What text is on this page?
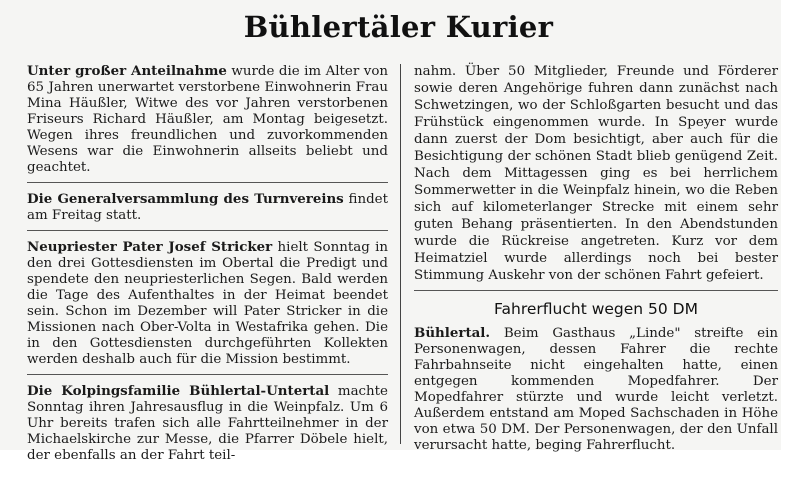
Bühlertäler Kurier

Unter großer Anteilnahme wurde die im Alter von 65 Jahren unerwartet verstorbene Einwohnerin Frau Mina Häußler, Witwe des vor Jahren verstorbenen Friseurs Richard Häußler, am Montag beigesetzt. Wegen ihres freundlichen und zuvorkommenden Wesens war die Einwohnerin allseits beliebt und geachtet.

Die Generalversammlung des Turnvereins findet am Freitag statt.

Neupriester Pater Josef Stricker hielt Sonntag in den drei Gottesdiensten im Obertal die Predigt und spendete den neupriesterlichen Segen. Bald werden die Tage des Aufenthaltes in der Heimat beendet sein. Schon im Dezember will Pater Stricker in die Missionen nach Ober-Volta in Westafrika gehen. Die in den Gottesdiensten durchgeführten Kollekten werden deshalb auch für die Mission bestimmt.

Die Kolpingsfamilie Bühlertal-Untertal machte Sonntag ihren Jahresausflug in die Weinpfalz. Um 6 Uhr bereits trafen sich alle Fahrtteilnehmer in der Michaelskirche zur Messe, die Pfarrer Döbele hielt, der ebenfalls an der Fahrt teil-

nahm. Über 50 Mitglieder, Freunde und Förderer sowie deren Angehörige fuhren dann zunächst nach Schwetzingen, wo der Schloßgarten besucht und das Frühstück eingenommen wurde. In Speyer wurde dann zuerst der Dom besichtigt, aber auch für die Besichtigung der schönen Stadt blieb genügend Zeit. Nach dem Mittagessen ging es bei herrlichem Sommerwetter in die Weinpfalz hinein, wo die Reben sich auf kilometerlanger Strecke mit einem sehr guten Behang präsentierten. In den Abendstunden wurde die Rückreise angetreten. Kurz vor dem Heimatziel wurde allerdings noch bei bester Stimmung Auskehr von der schönen Fahrt gefeiert.

Fahrerflucht wegen 50 DM

Bühlertal. Beim Gasthaus „Linde" streifte ein Personenwagen, dessen Fahrer die rechte Fahrbahnseite nicht eingehalten hatte, einen entgegen kommenden Mopedfahrer. Der Mopedfahrer stürzte und wurde leicht verletzt. Außerdem entstand am Moped Sachschaden in Höhe von etwa 50 DM. Der Personenwagen, der den Unfall verursacht hatte, beging Fahrerflucht.
